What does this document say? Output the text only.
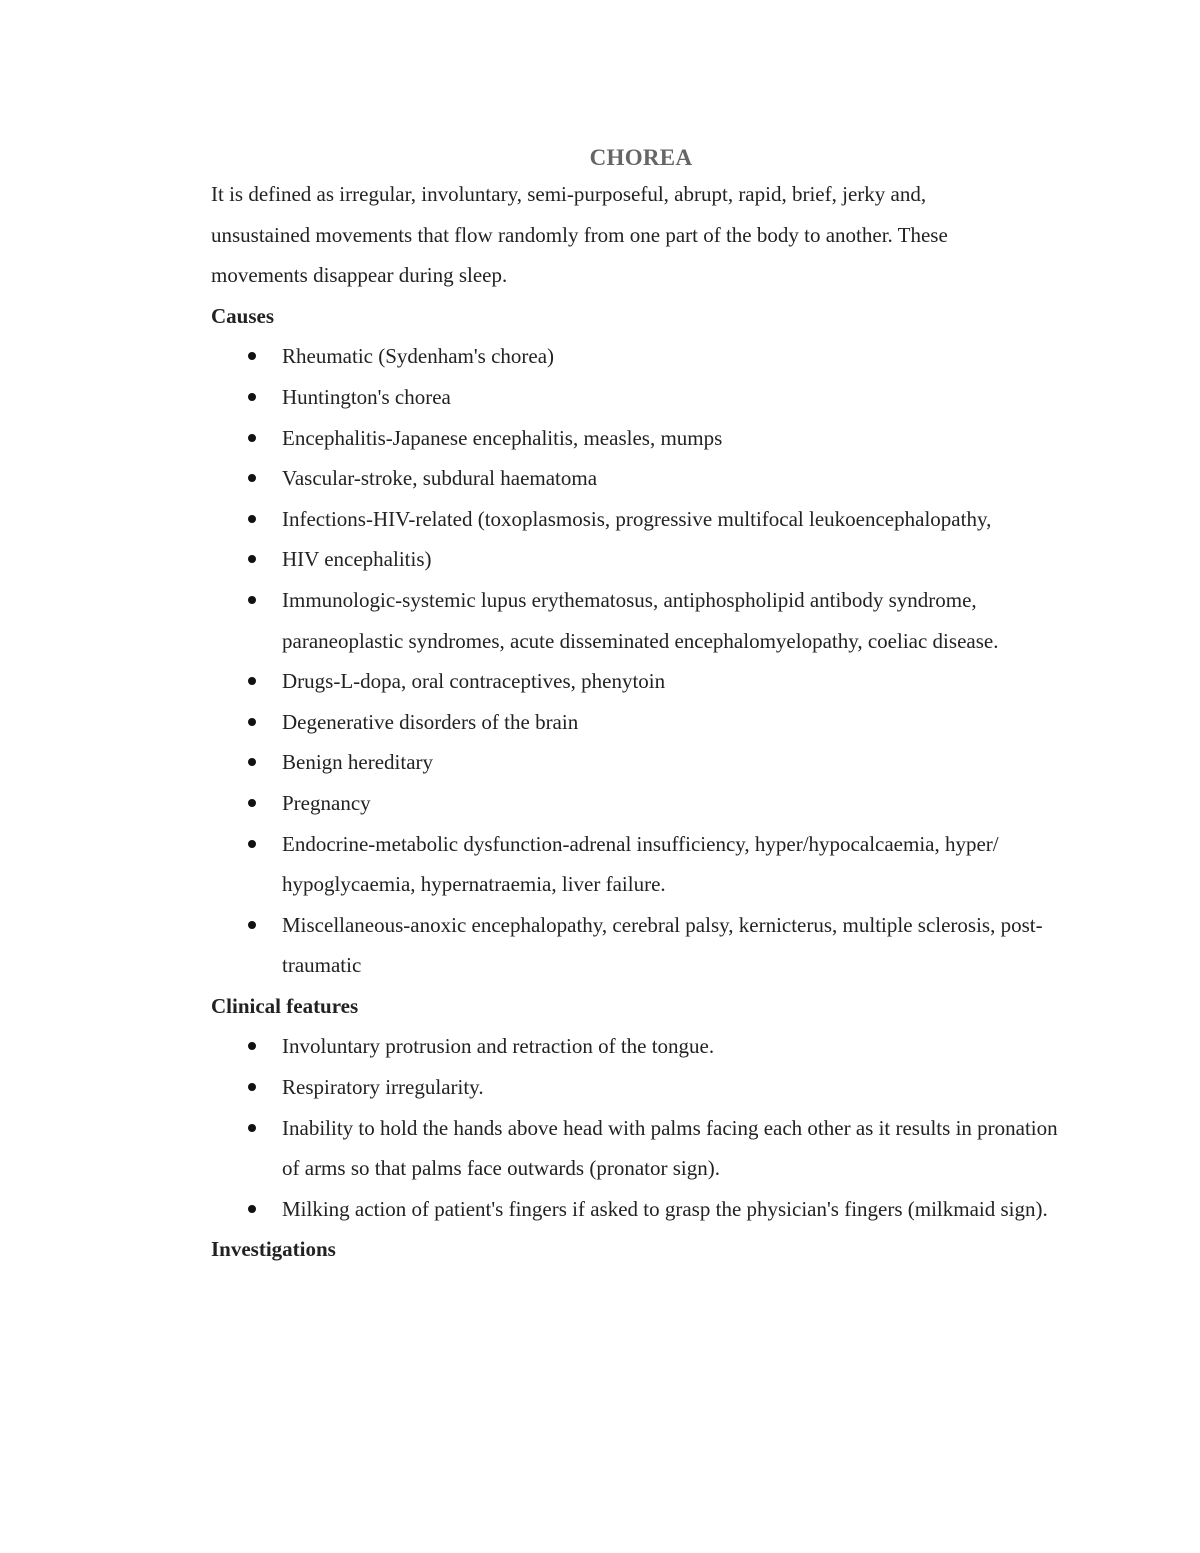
CHOREA

It is defined as irregular, involuntary, semi-purposeful, abrupt, rapid, brief, jerky and,
unsustained movements that flow randomly from one part of the body to another. These
movements disappear during sleep.

Causes
Rheumatic (Sydenham's chorea)
Huntington's chorea
Encephalitis-Japanese encephalitis, measles, mumps
Vascular-stroke, subdural haematoma
Infections-HIV-related (toxoplasmosis, progressive multifocal leukoencephalopathy,
HIV encephalitis)
Immunologic-systemic lupus erythematosus, antiphospholipid antibody syndrome, paraneoplastic syndromes, acute disseminated encephalomyelopathy, coeliac disease.
Drugs-L-dopa, oral contraceptives, phenytoin
Degenerative disorders of the brain
Benign hereditary
Pregnancy
Endocrine-metabolic dysfunction-adrenal insufficiency, hyper/hypocalcaemia, hyper/ hypoglycaemia, hypernatraemia, liver failure.
Miscellaneous-anoxic encephalopathy, cerebral palsy, kernicterus, multiple sclerosis, post-traumatic
Clinical features
Involuntary protrusion and retraction of the tongue.
Respiratory irregularity.
Inability to hold the hands above head with palms facing each other as it results in pronation of arms so that palms face outwards (pronator sign).
Milking action of patient's fingers if asked to grasp the physician's fingers (milkmaid sign).
Investigations
